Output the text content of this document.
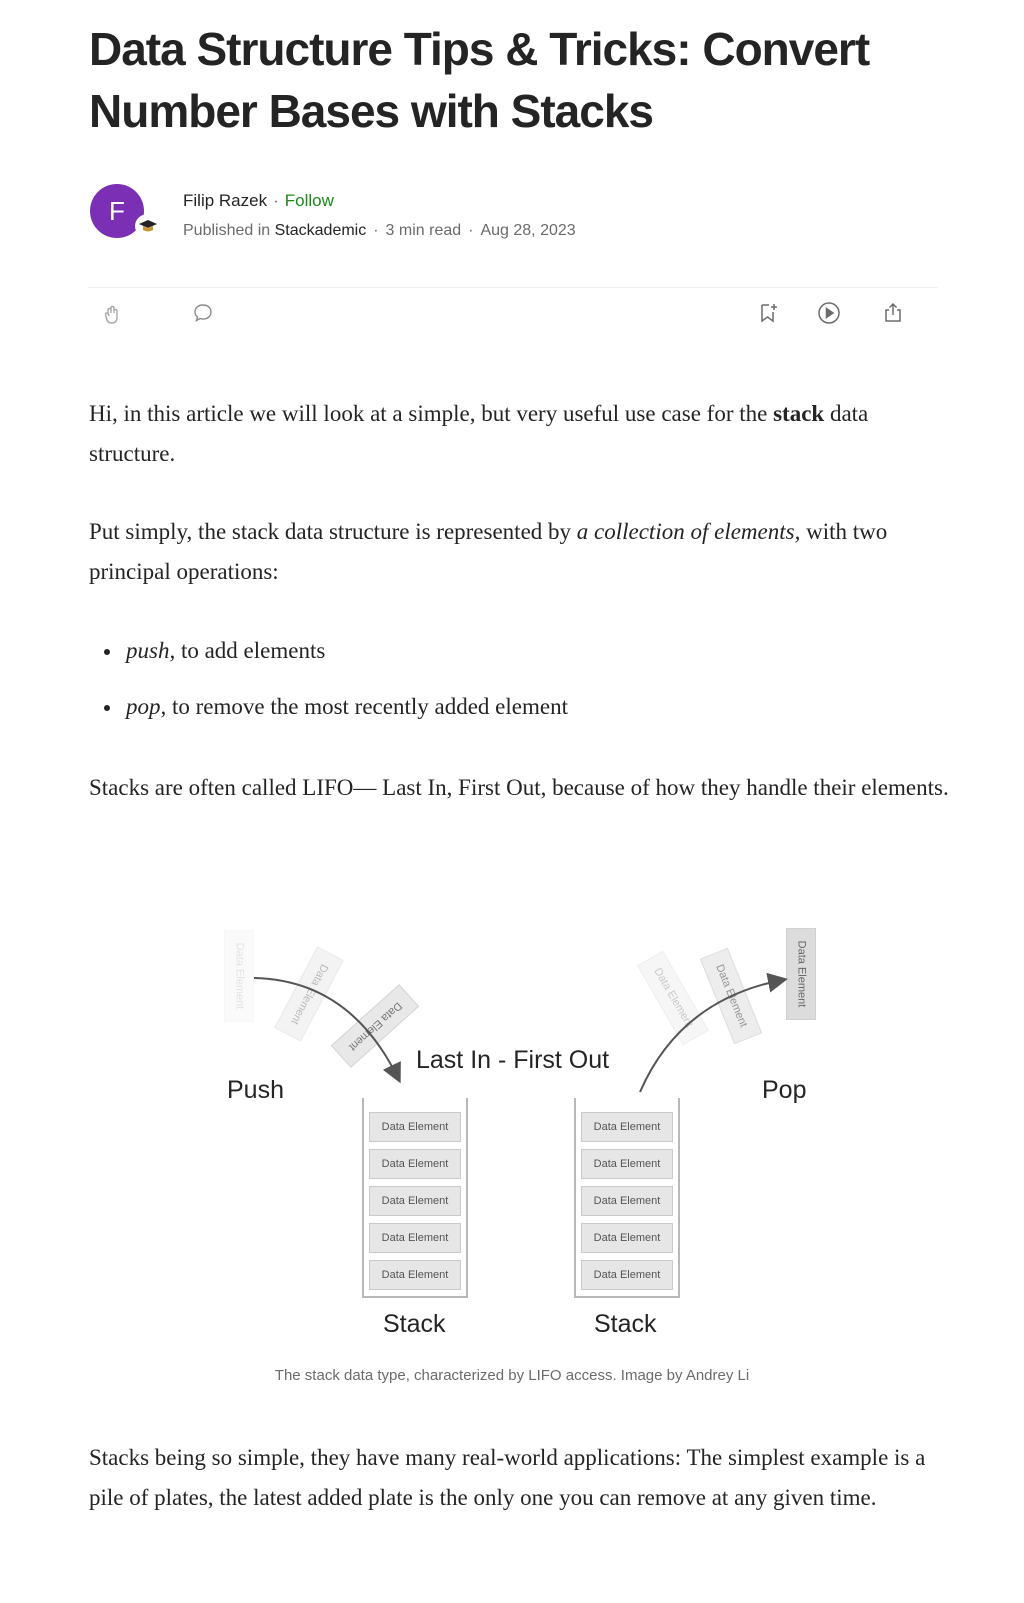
Data Structure Tips & Tricks: Convert Number Bases with Stacks
F	Filip Razek · Follow
Published in Stackademic · 3 min read · Aug 28, 2023

Hi, in this article we will look at a simple, but very useful use case for the stack data structure.

Put simply, the stack data structure is represented by a collection of elements, with two principal operations:

push, to add elements
pop, to remove the most recently added element

Stacks are often called LIFO— Last In, First Out, because of how they handle their elements.

Data Element	Data Element Data Element	Data Element Data Element	Data Element
Last In - First Out
Push	Pop
Data Element
Data Element
Data Element
Data Element
Data Element
Data Element
Data Element
Data Element
Data Element
Data Element
Stack	Stack
The stack data type, characterized by LIFO access. Image by Andrey Li

Stacks being so simple, they have many real-world applications: The simplest example is a pile of plates, the latest added plate is the only one you can remove at any given time.
